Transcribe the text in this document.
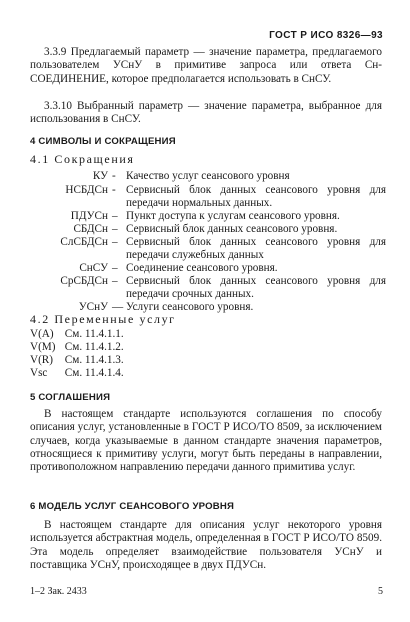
ГОСТ Р ИСО 8326—93

3.3.9 Предлагаемый параметр — значение параметра, предлагаемого пользователем УСнУ в примитиве запроса или ответа Сн-СОЕДИНЕНИЕ, которое предполагается использовать в СнСУ.

3.3.10 Выбранный параметр — значение параметра, выбранное для использования в СнСУ.

4 СИМВОЛЫ И СОКРАЩЕНИЯ
4.1 Сокращения
КУ - Качество услуг сеансового уровня
НСБДСн - Сервисный блок данных сеансового уровня для передачи нормальных данных.
ПДУСн – Пункт доступа к услугам сеансового уровня.
СБДСн – Сервисный блок данных сеансового уровня.
СлСБДСн – Сервисный блок данных сеансового уровня для передачи служебных данных
СнСУ – Соединение сеансового уровня.
СрСБДСн – Сервисный блок данных сеансового уровня для передачи срочных данных.
УСнУ — Услуги сеансового уровня.
4.2 Переменные услуг
V(A) См. 11.4.1.1.
V(M) См. 11.4.1.2.
V(R) См. 11.4.1.3.
Vsc См. 11.4.1.4.
5 СОГЛАШЕНИЯ

В настоящем стандарте используются соглашения по способу описания услуг, установленные в ГОСТ Р ИСО/ТО 8509, за исключением случаев, когда указываемые в данном стандарте значения параметров, относящиеся к примитиву услуги, могут быть переданы в направлении, противоположном направлению передачи данного примитива услуг.

6 МОДЕЛЬ УСЛУГ СЕАНСОВОГО УРОВНЯ

В настоящем стандарте для описания услуг некоторого уровня используется абстрактная модель, определенная в ГОСТ Р ИСО/ТО 8509. Эта модель определяет взаимодействие пользователя УСнУ и поставщика УСнУ, происходящее в двух ПДУСн.

1–2 Зак. 2433	5
